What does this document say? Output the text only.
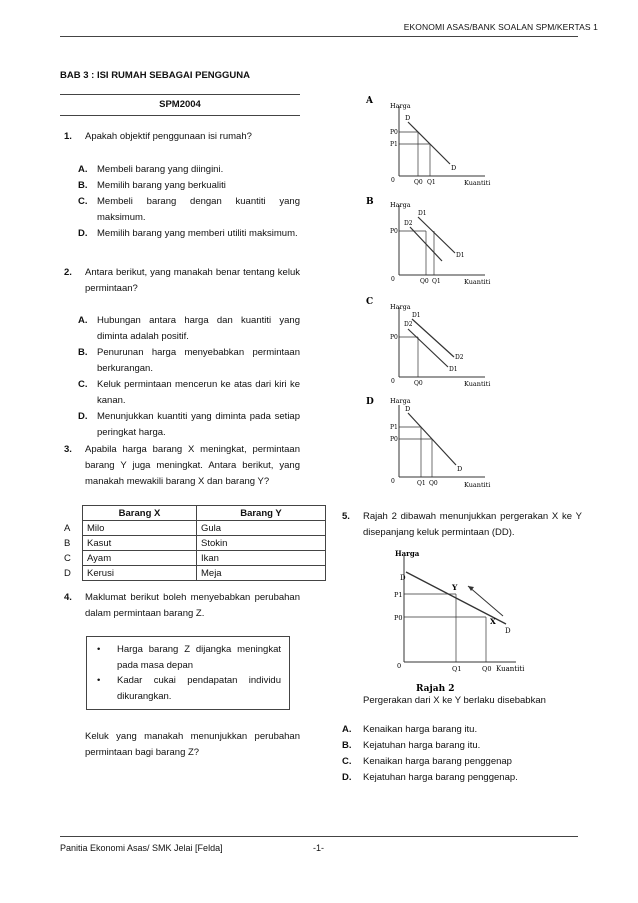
EKONOMI ASAS/BANK SOALAN SPM/KERTAS 1
BAB 3 : ISI RUMAH SEBAGAI PENGGUNA
SPM2004
1. Apakah objektif penggunaan isi rumah?
A. Membeli barang yang diingini.
B. Memilih barang yang berkualiti
C. Membeli barang dengan kuantiti yang maksimum.
D. Memilih barang yang memberi utiliti maksimum.
2. Antara berikut, yang manakah benar tentang keluk permintaan?
A. Hubungan antara harga dan kuantiti yang diminta adalah positif.
B. Penurunan harga menyebabkan permintaan berkurangan.
C. Keluk permintaan mencerun ke atas dari kiri ke kanan.
D. Menunjukkan kuantiti yang diminta pada setiap peringkat harga.
3. Apabila harga barang X meningkat, permintaan barang Y juga meningkat. Antara berikut, yang manakah mewakili barang X dan barang Y?
	Barang X	Barang Y
A	Milo	Gula
B	Kasut	Stokin
C	Ayam	Ikan
D	Kerusi	Meja
4. Maklumat berikut boleh menyebabkan perubahan dalam permintaan barang Z.
• Harga barang Z dijangka meningkat pada masa depan
• Kadar cukai pendapatan individu dikurangkan.
Keluk yang manakah menunjukkan perubahan permintaan bagi barang Z?
A	Harga
Kuantiti
0
D
D
P0
P1
Q0 Q1
B	Harga
Kuantiti
0
D1
D2
D1
P0
Q0 Q1
C	Harga
Kuantiti
0
D1
D2
D2
D1
P0
Q0
D Harga
Kuantiti
0
D
D
P1
P0
Q1 Q0
5. Rajah 2 dibawah menunjukkan pergerakan X ke Y disepanjang keluk permintaan (DD).
Harga
Kuantiti
0
D
D
Y
X
P1
P0
Q1	Q0
Rajah 2
Pergerakan dari X ke Y berlaku disebabkan
A. Kenaikan harga barang itu.
B. Kejatuhan harga barang itu.
C. Kenaikan harga barang penggenap
D. Kejatuhan harga barang penggenap.
Panitia Ekonomi Asas/ SMK Jelai [Felda]	-1-
